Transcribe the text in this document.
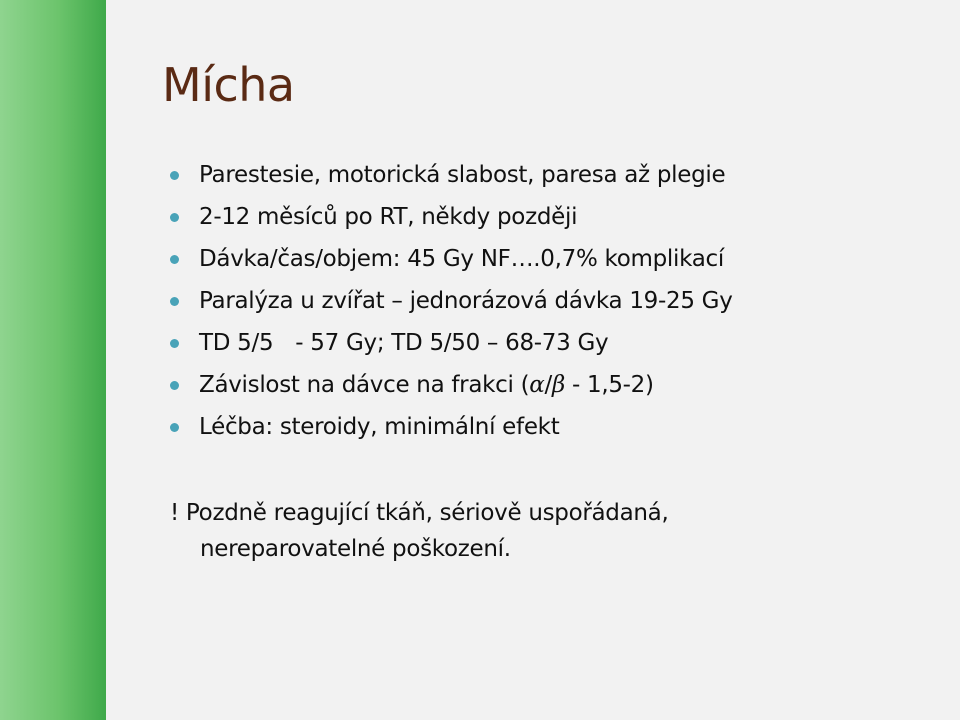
Mícha
Parestesie, motorická slabost, paresa až plegie
2-12 měsíců po RT, někdy později
Dávka/čas/objem: 45 Gy NF….0,7% komplikací
Paralýza u zvířat – jednorázová dávka 19-25 Gy
TD 5/5 - 57 Gy; TD 5/50 – 68-73 Gy
Závislost na dávce na frakci (α/β - 1,5-2)
Léčba: steroidy, minimální efekt

! Pozdně reagující tkáň, sériově uspořádaná,
nereparovatelné poškození.
